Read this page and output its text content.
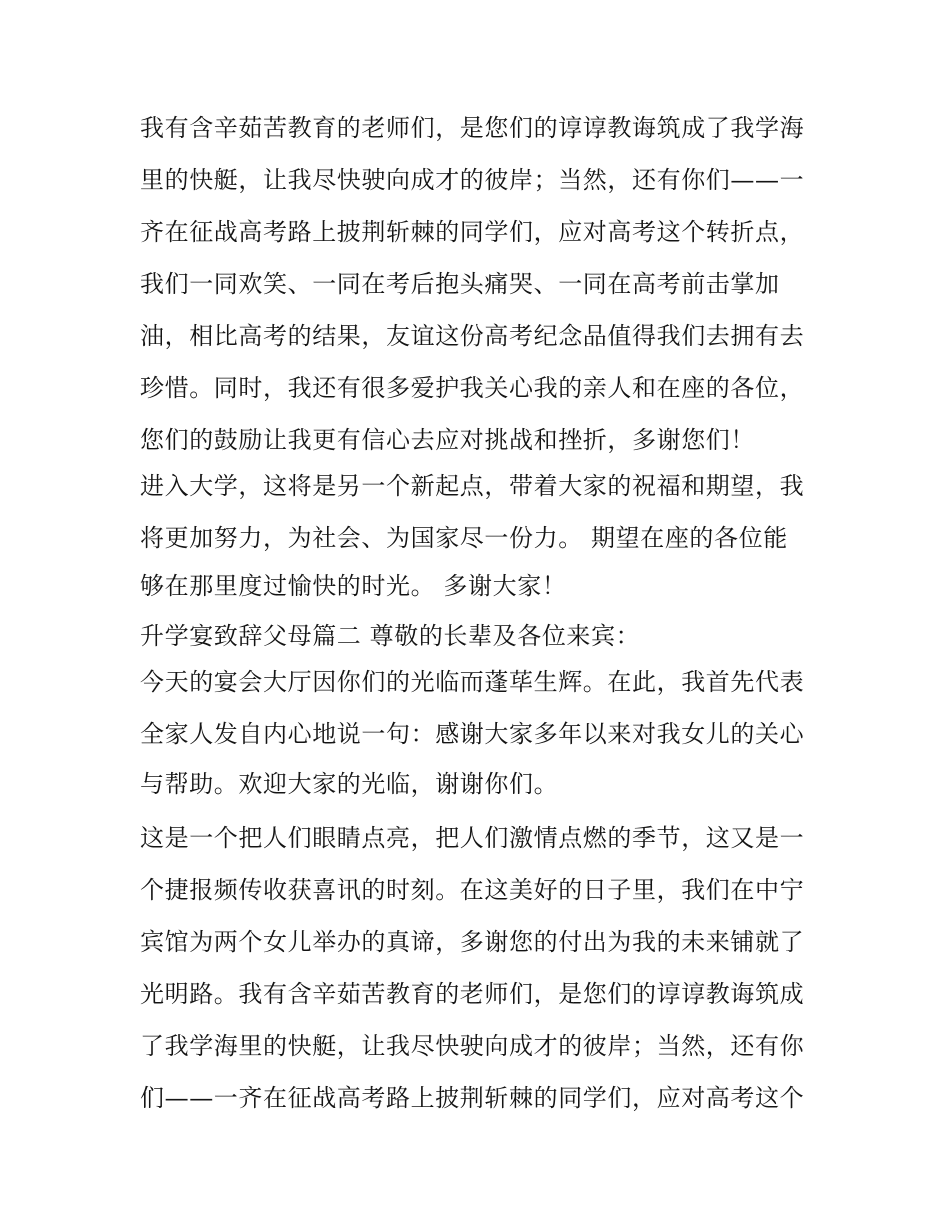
我有含辛茹苦教育的老师们，是您们的谆谆教诲筑成了我学海
里的快艇，让我尽快驶向成才的彼岸；当然，还有你们——一
齐在征战高考路上披荆斩棘的同学们，应对高考这个转折点，
我们一同欢笑、一同在考后抱头痛哭、一同在高考前击掌加
油，相比高考的结果，友谊这份高考纪念品值得我们去拥有去
珍惜。同时，我还有很多爱护我关心我的亲人和在座的各位，
您们的鼓励让我更有信心去应对挑战和挫折，多谢您们！
进入大学，这将是另一个新起点，带着大家的祝福和期望，我
将更加努力，为社会、为国家尽一份力。 期望在座的各位能
够在那里度过愉快的时光。 多谢大家！
升学宴致辞父母篇二 尊敬的长辈及各位来宾：
今天的宴会大厅因你们的光临而蓬荜生辉。在此，我首先代表
全家人发自内心地说一句：感谢大家多年以来对我女儿的关心
与帮助。欢迎大家的光临，谢谢你们。
这是一个把人们眼睛点亮，把人们激情点燃的季节，这又是一
个捷报频传收获喜讯的时刻。在这美好的日子里，我们在中宁
宾馆为两个女儿举办的真谛，多谢您的付出为我的未来铺就了
光明路。我有含辛茹苦教育的老师们，是您们的谆谆教诲筑成
了我学海里的快艇，让我尽快驶向成才的彼岸；当然，还有你
们——一齐在征战高考路上披荆斩棘的同学们，应对高考这个
